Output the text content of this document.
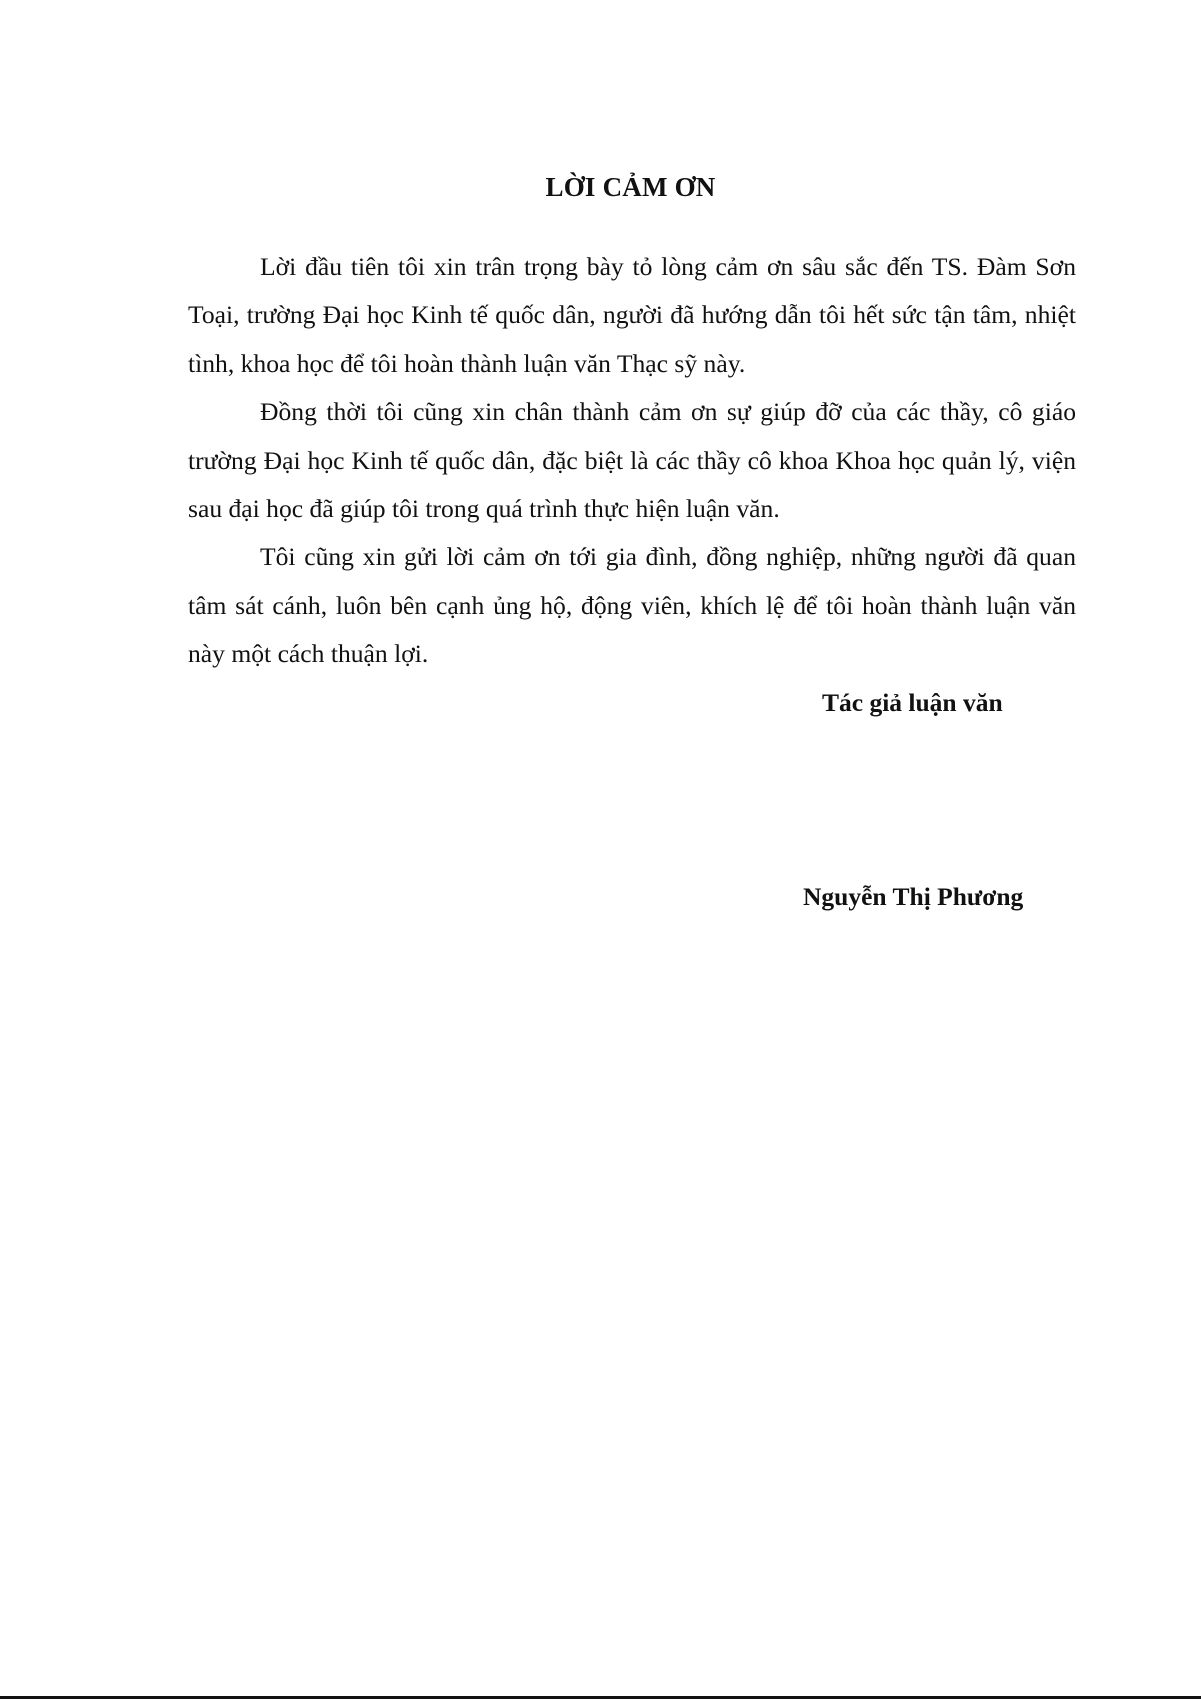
LỜI CẢM ƠN

Lời đầu tiên tôi xin trân trọng bày tỏ lòng cảm ơn sâu sắc đến TS. Đàm Sơn Toại, trường Đại học Kinh tế quốc dân, người đã hướng dẫn tôi hết sức tận tâm, nhiệt tình, khoa học để tôi hoàn thành luận văn Thạc sỹ này.

Đồng thời tôi cũng xin chân thành cảm ơn sự giúp đỡ của các thầy, cô giáo trường Đại học Kinh tế quốc dân, đặc biệt là các thầy cô khoa Khoa học quản lý, viện sau đại học đã giúp tôi trong quá trình thực hiện luận văn.

Tôi cũng xin gửi lời cảm ơn tới gia đình, đồng nghiệp, những người đã quan tâm sát cánh, luôn bên cạnh ủng hộ, động viên, khích lệ để tôi hoàn thành luận văn này một cách thuận lợi.

Tác giả luận văn
Nguyễn Thị Phương
